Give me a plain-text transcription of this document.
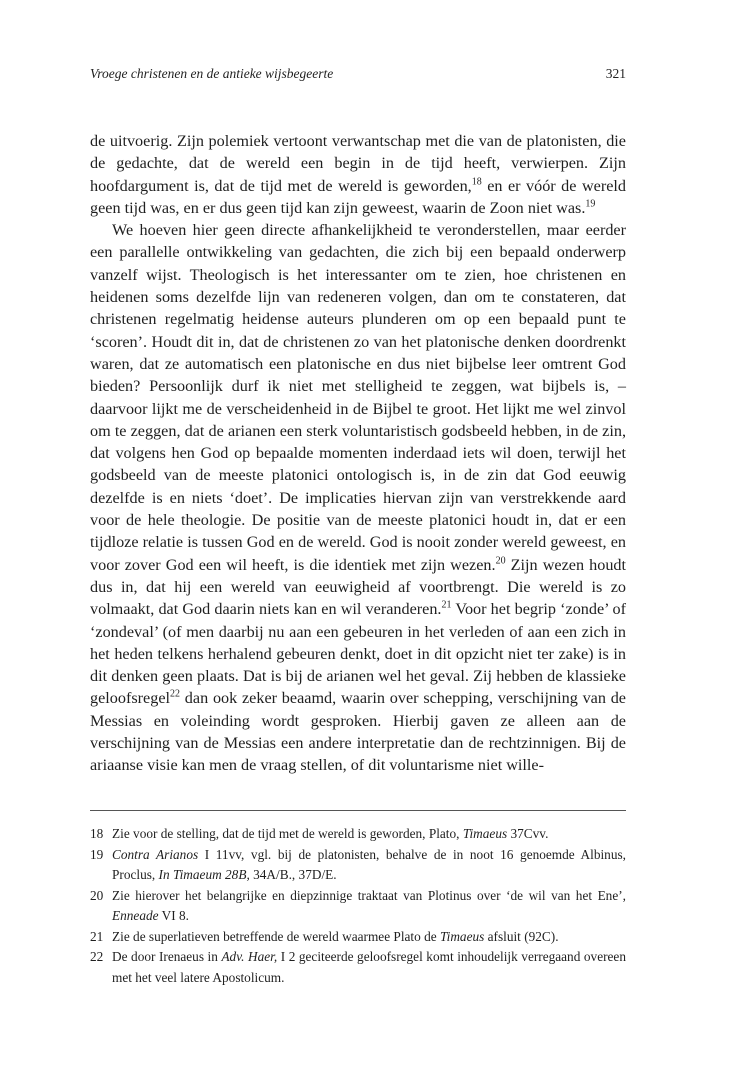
Vroege christenen en de antieke wijsbegeerte	321

de uitvoerig. Zijn polemiek vertoont verwantschap met die van de platonisten, die de gedachte, dat de wereld een begin in de tijd heeft, verwierpen. Zijn hoofdargument is, dat de tijd met de wereld is geworden,$^{18}$ en er vóór de wereld geen tijd was, en er dus geen tijd kan zijn geweest, waarin de Zoon niet was.$^{19}$

We hoeven hier geen directe afhankelijkheid te veronderstellen, maar eerder een parallelle ontwikkeling van gedachten, die zich bij een bepaald onderwerp vanzelf wijst. Theologisch is het interessanter om te zien, hoe christenen en heidenen soms dezelfde lijn van redeneren volgen, dan om te constateren, dat christenen regelmatig heidense auteurs plunderen om op een bepaald punt te ‘scoren’. Houdt dit in, dat de christenen zo van het platonische denken doordrenkt waren, dat ze automatisch een platonische en dus niet bijbelse leer omtrent God bieden? Persoonlijk durf ik niet met stelligheid te zeggen, wat bijbels is, – daarvoor lijkt me de verscheidenheid in de Bijbel te groot. Het lijkt me wel zinvol om te zeggen, dat de arianen een sterk voluntaristisch godsbeeld hebben, in de zin, dat volgens hen God op bepaalde momenten inderdaad iets wil doen, terwijl het godsbeeld van de meeste platonici ontologisch is, in de zin dat God eeuwig dezelfde is en niets ‘doet’. De implicaties hiervan zijn van verstrekkende aard voor de hele theologie. De positie van de meeste platonici houdt in, dat er een tijdloze relatie is tussen God en de wereld. God is nooit zonder wereld geweest, en voor zover God een wil heeft, is die identiek met zijn wezen.$^{20}$ Zijn wezen houdt dus in, dat hij een wereld van eeuwigheid af voortbrengt. Die wereld is zo volmaakt, dat God daarin niets kan en wil veranderen.$^{21}$ Voor het begrip ‘zonde’ of ‘zondeval’ (of men daarbij nu aan een gebeuren in het verleden of aan een zich in het heden telkens herhalend gebeuren denkt, doet in dit opzicht niet ter zake) is in dit denken geen plaats. Dat is bij de arianen wel het geval. Zij hebben de klassieke geloofsregel$^{22}$ dan ook zeker beaamd, waarin over schepping, verschijning van de Messias en voleinding wordt gesproken. Hierbij gaven ze alleen aan de verschijning van de Messias een andere interpretatie dan de rechtzinnigen. Bij de ariaanse visie kan men de vraag stellen, of dit voluntarisme niet wille-

18 Zie voor de stelling, dat de tijd met de wereld is geworden, Plato, Timaeus 37Cvv.
19 Contra Arianos I 11vv, vgl. bij de platonisten, behalve de in noot 16 genoemde Albinus, Proclus, In Timaeum 28B, 34A/B., 37D/E.
20 Zie hierover het belangrijke en diepzinnige traktaat van Plotinus over ‘de wil van het Ene’, Enneade VI 8.
21 Zie de superlatieven betreffende de wereld waarmee Plato de Timaeus afsluit (92C).
22 De door Irenaeus in Adv. Haer, I 2 geciteerde geloofsregel komt inhoudelijk verregaand overeen met het veel latere Apostolicum.
